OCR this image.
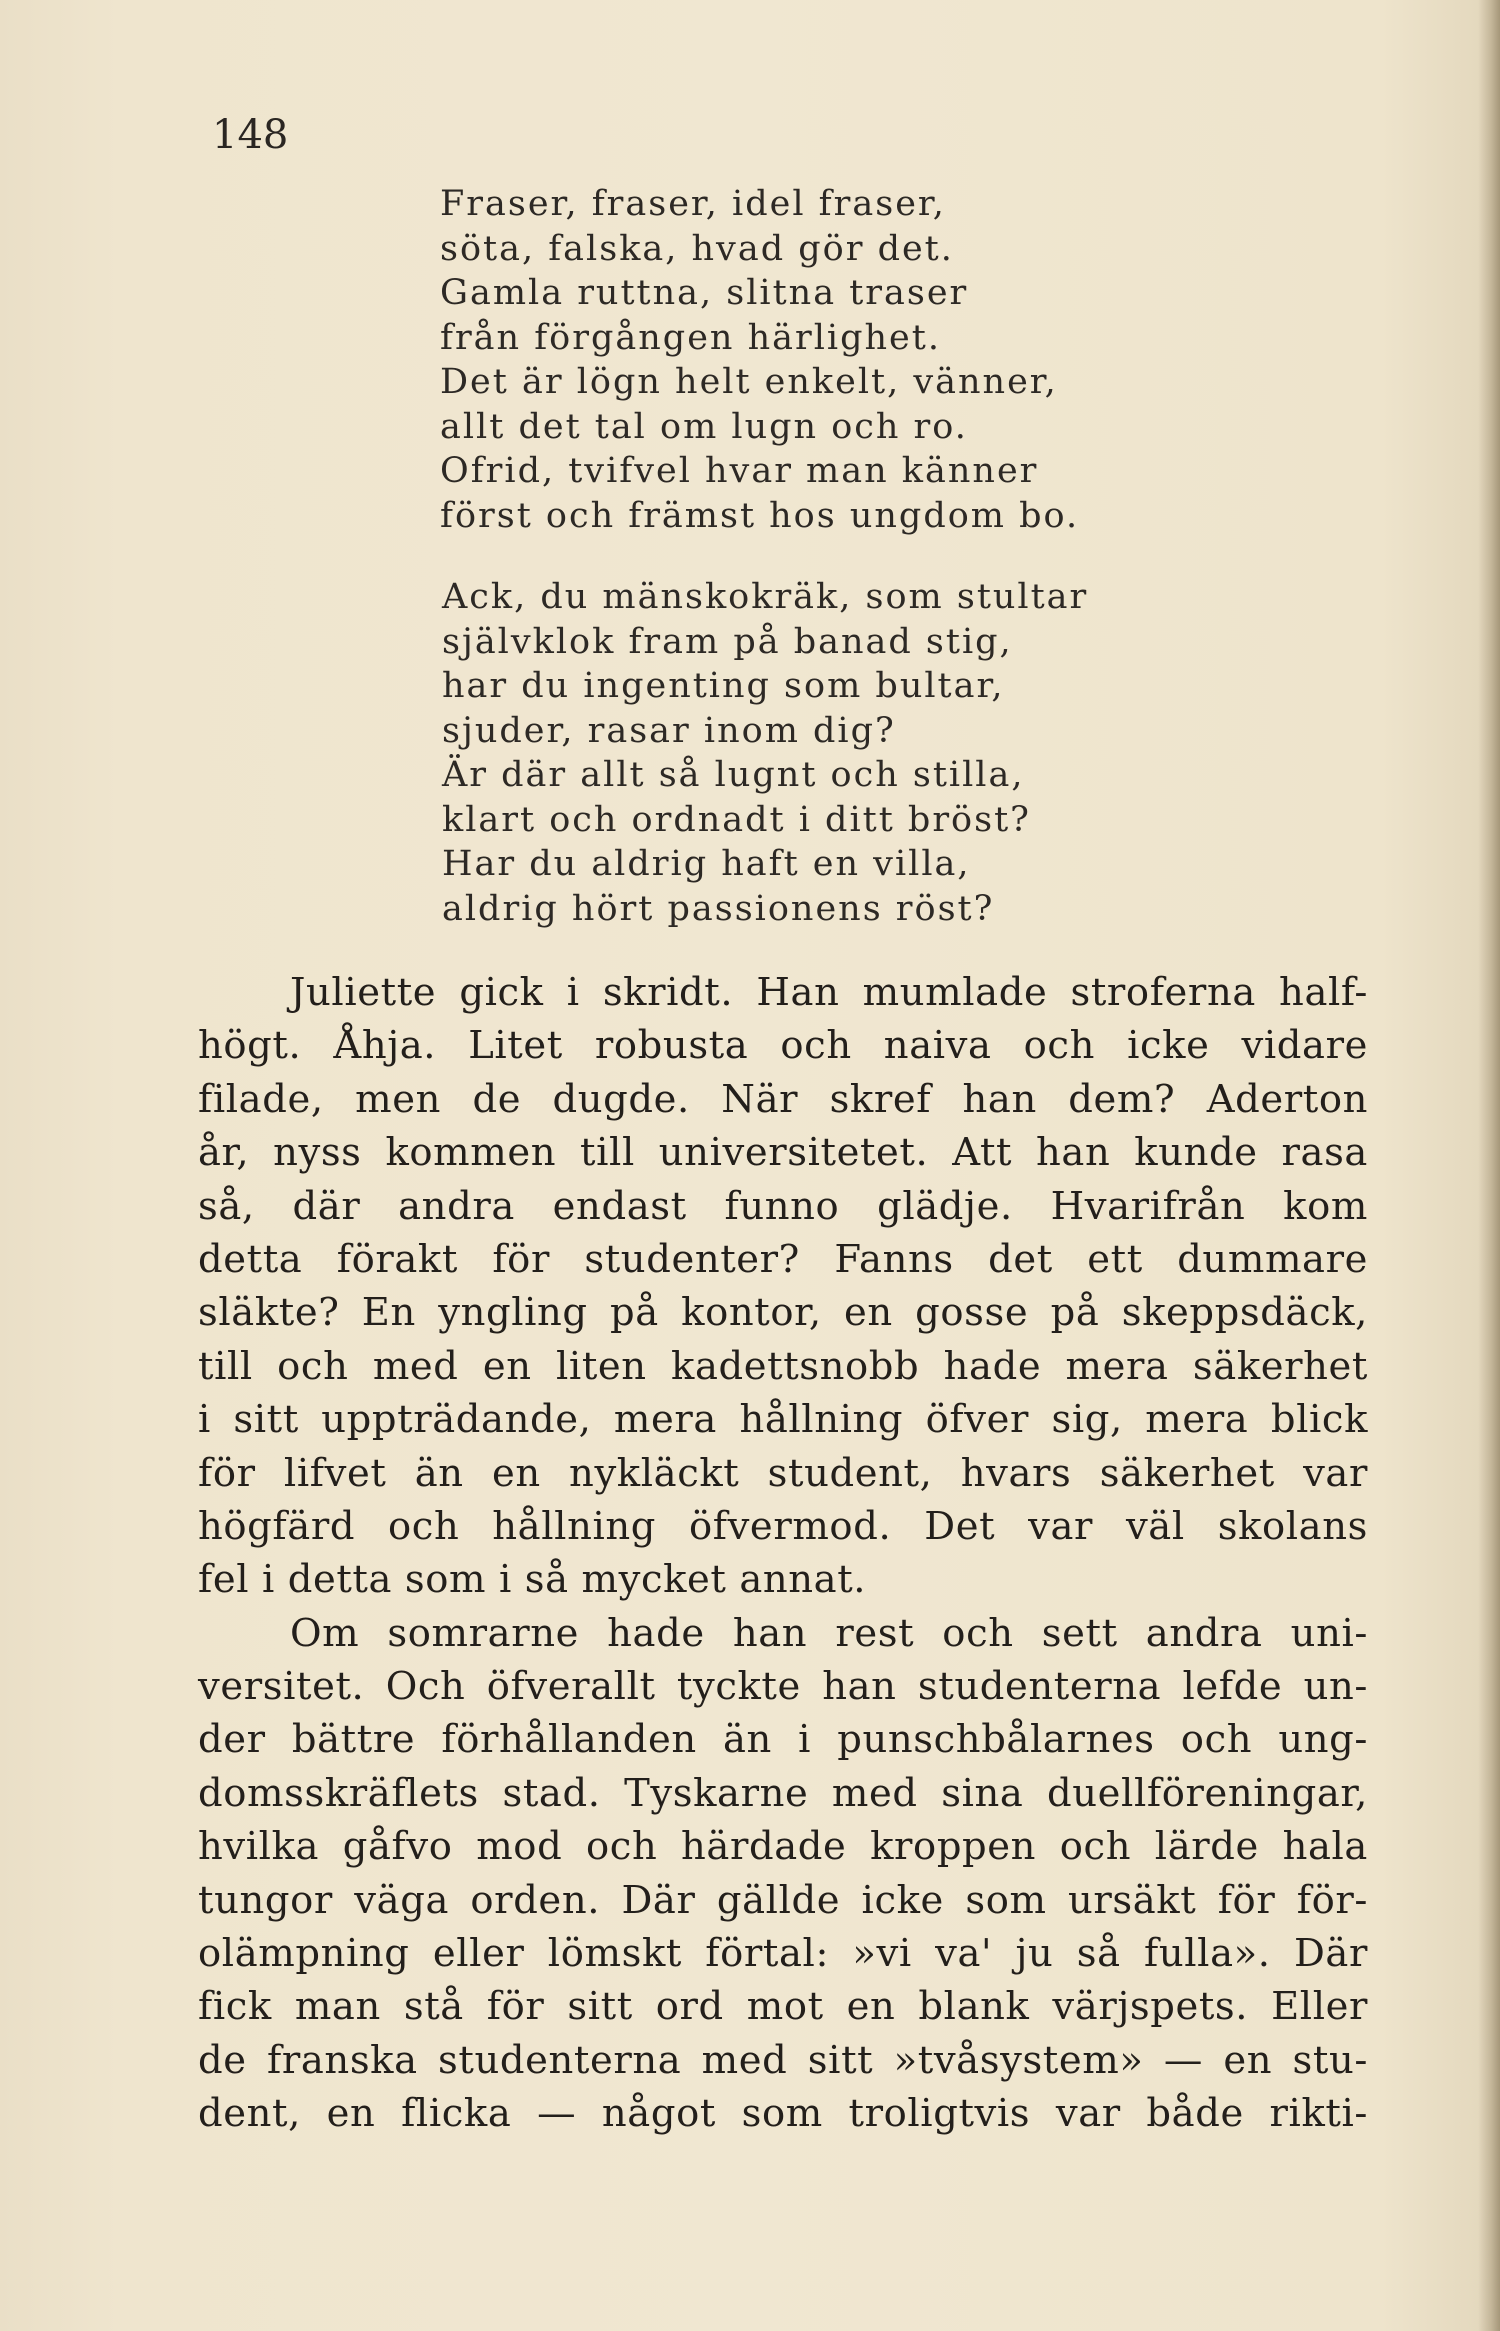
148
Fraser, fraser, idel fraser,
söta, falska, hvad gör det.
Gamla ruttna, slitna traser
från förgången härlighet.
Det är lögn helt enkelt, vänner,
allt det tal om lugn och ro.
Ofrid, tvifvel hvar man känner
först och främst hos ungdom bo.
Ack, du mänskokräk, som stultar
självklok fram på banad stig,
har du ingenting som bultar,
sjuder, rasar inom dig?
Är där allt så lugnt och stilla,
klart och ordnadt i ditt bröst?
Har du aldrig haft en villa,
aldrig hört passionens röst?
Juliette gick i skridt. Han mumlade stroferna half-
högt. Åhja. Litet robusta och naiva och icke vidare
filade, men de dugde. När skref han dem? Aderton
år, nyss kommen till universitetet. Att han kunde rasa
så, där andra endast funno glädje. Hvarifrån kom
detta förakt för studenter? Fanns det ett dummare
släkte? En yngling på kontor, en gosse på skeppsdäck,
till och med en liten kadettsnobb hade mera säkerhet
i sitt uppträdande, mera hållning öfver sig, mera blick
för lifvet än en nykläckt student, hvars säkerhet var
högfärd och hållning öfvermod. Det var väl skolans
fel i detta som i så mycket annat.
Om somrarne hade han rest och sett andra uni-
versitet. Och öfverallt tyckte han studenterna lefde un-
der bättre förhållanden än i punschbålarnes och ung-
domsskräflets stad. Tyskarne med sina duellföreningar,
hvilka gåfvo mod och härdade kroppen och lärde hala
tungor väga orden. Där gällde icke som ursäkt för för-
olämpning eller lömskt förtal: »vi va' ju så fulla». Där
fick man stå för sitt ord mot en blank värjspets. Eller
de franska studenterna med sitt »tvåsystem» — en stu-
dent, en flicka — något som troligtvis var både rikti-
